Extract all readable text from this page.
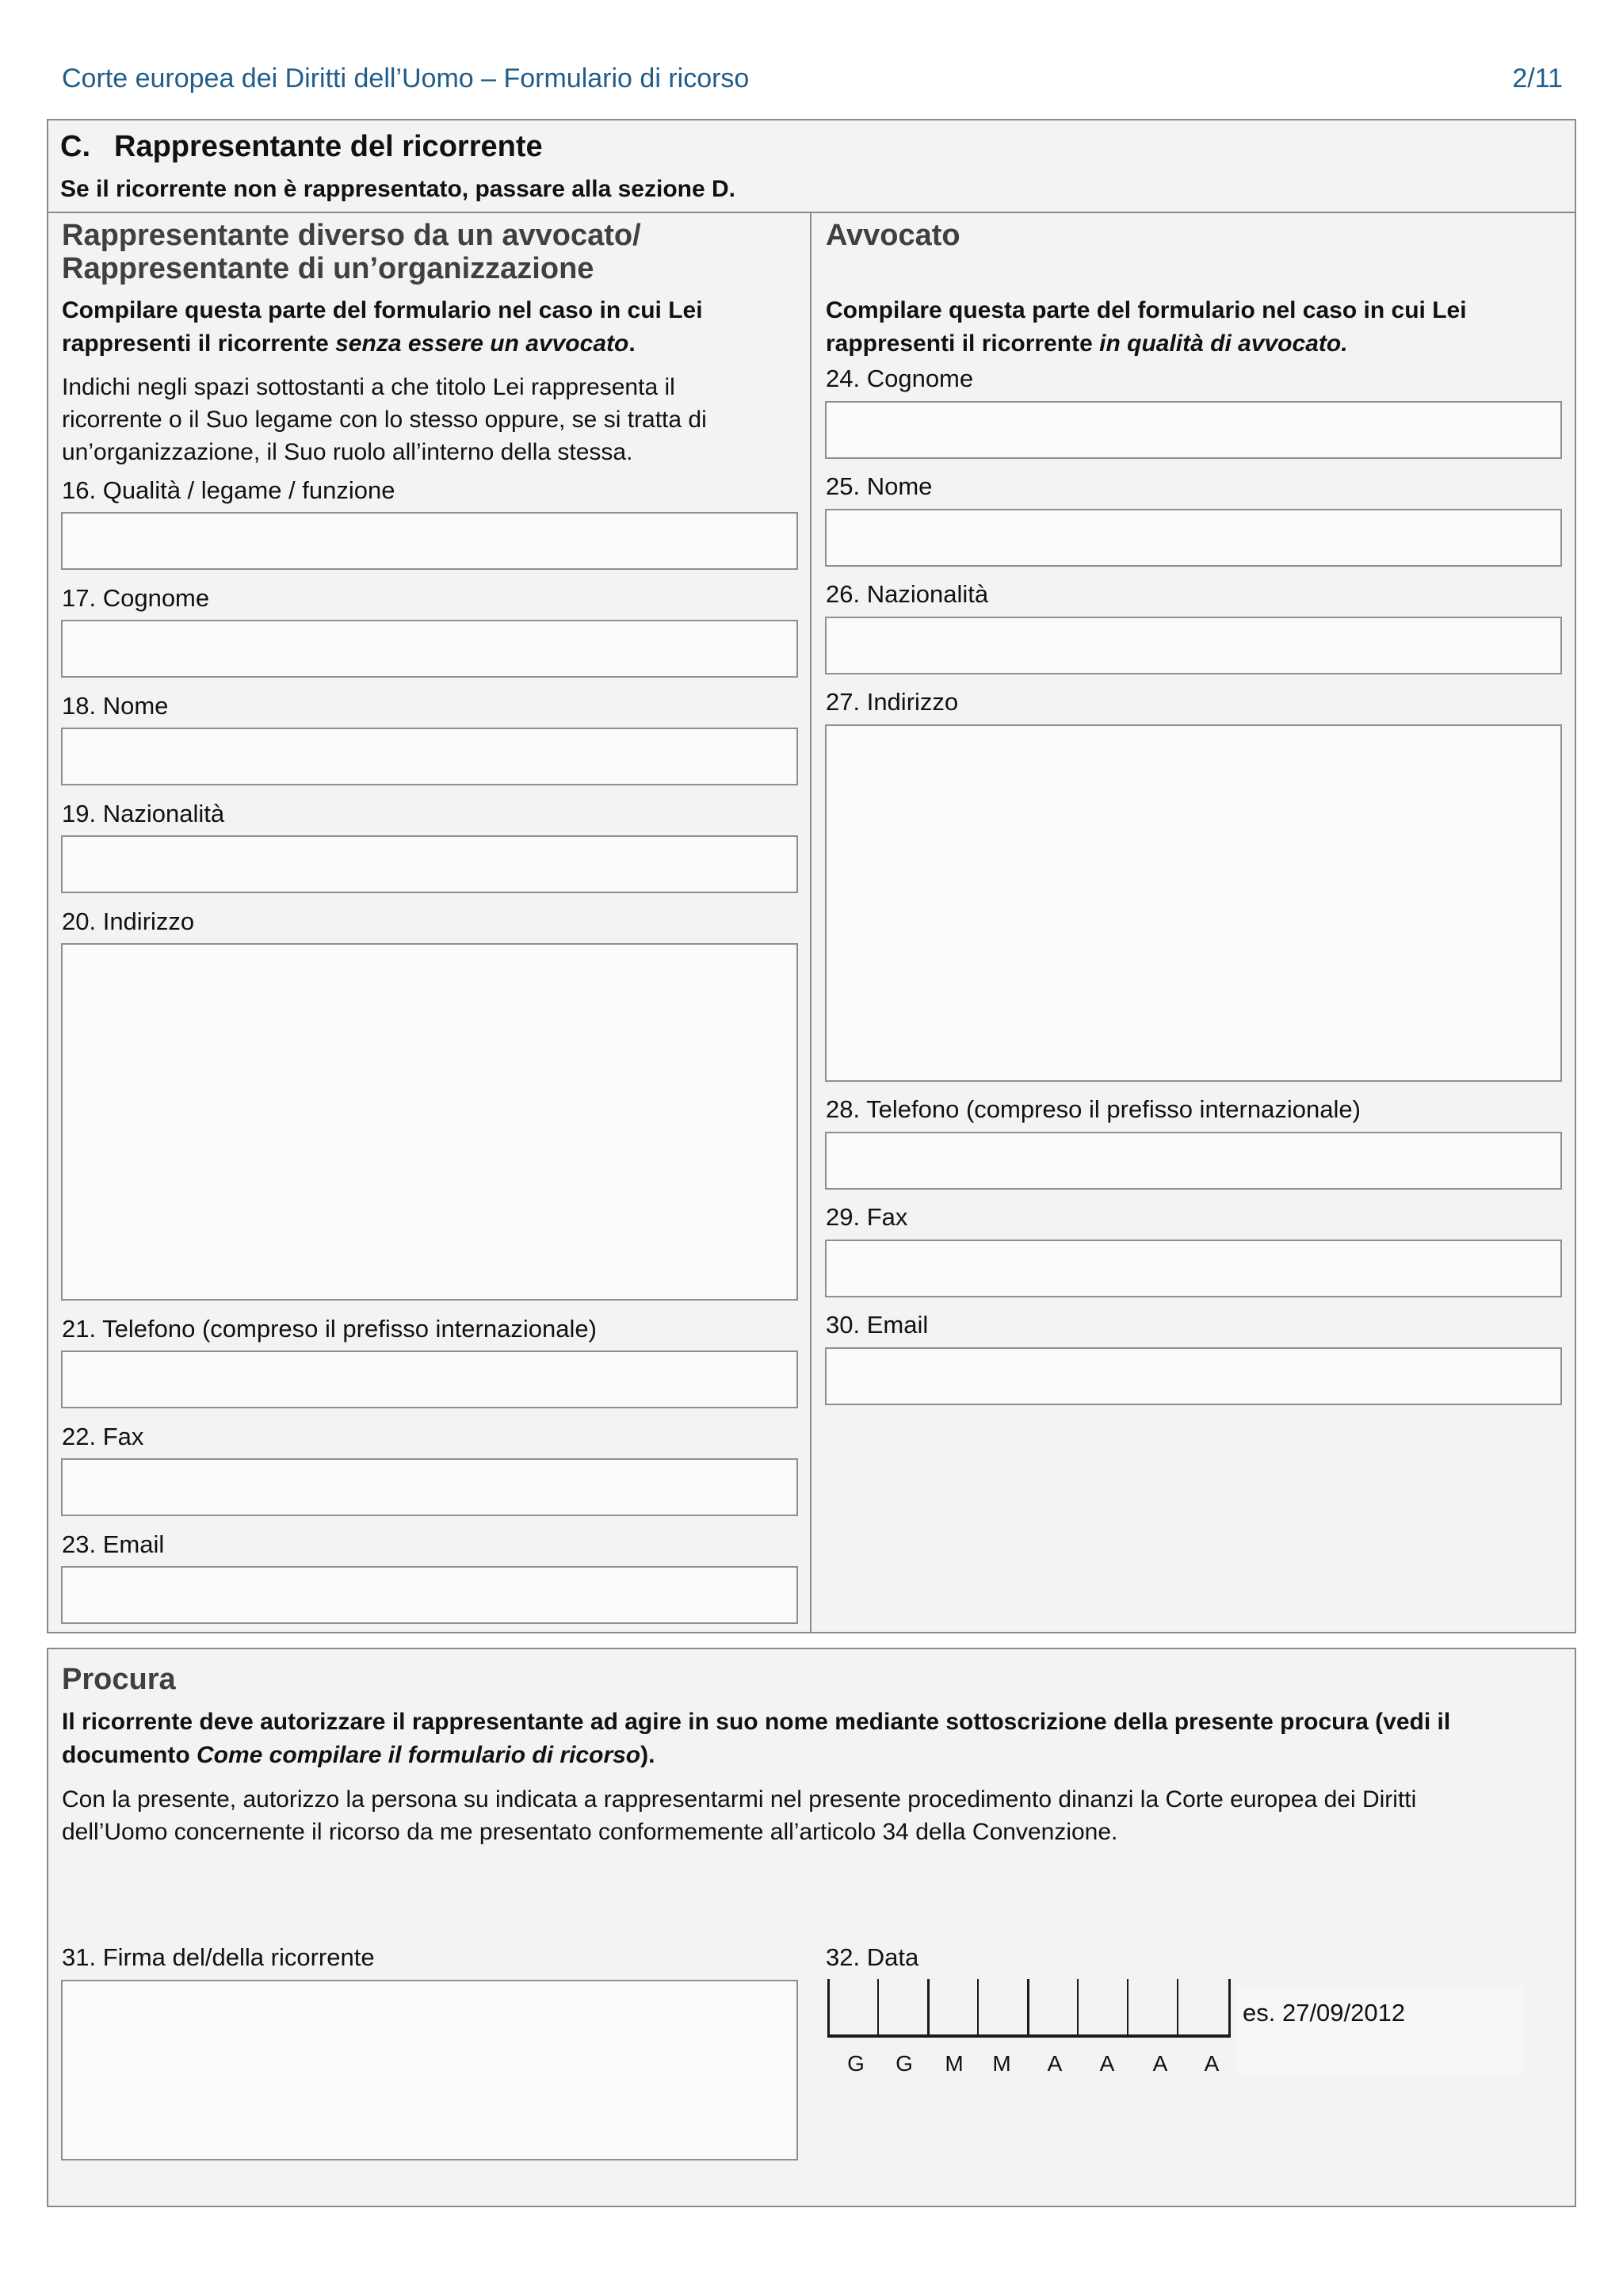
Corte europea dei Diritti dell’Uomo – Formulario di ricorso	2/11
C. Rappresentante del ricorrente
Se il ricorrente non è rappresentato, passare alla sezione D.
Rappresentante diverso da un avvocato/
Rappresentante di un’organizzazione
Compilare questa parte del formulario nel caso in cui Lei
rappresenti il ricorrente senza essere un avvocato.
Indichi negli spazi sottostanti a che titolo Lei rappresenta il
ricorrente o il Suo legame con lo stesso oppure, se si tratta di
un’organizzazione, il Suo ruolo all’interno della stessa.
16. Qualità / legame / funzione
17. Cognome
18. Nome
19. Nazionalità
20. Indirizzo
21. Telefono (compreso il prefisso internazionale)
22. Fax
23. Email
Avvocato
Compilare questa parte del formulario nel caso in cui Lei
rappresenti il ricorrente in qualità di avvocato.
24. Cognome
25. Nome
26. Nazionalità
27. Indirizzo
28. Telefono (compreso il prefisso internazionale)
29. Fax
30. Email
Procura
Il ricorrente deve autorizzare il rappresentante ad agire in suo nome mediante sottoscrizione della presente procura (vedi il
documento Come compilare il formulario di ricorso).
Con la presente, autorizzo la persona su indicata a rappresentarmi nel presente procedimento dinanzi la Corte europea dei Diritti
dell’Uomo concernente il ricorso da me presentato conformemente all’articolo 34 della Convenzione.
31. Firma del/della ricorrente	32. Data
G	G	M	M	A	A	A	A
es. 27/09/2012
